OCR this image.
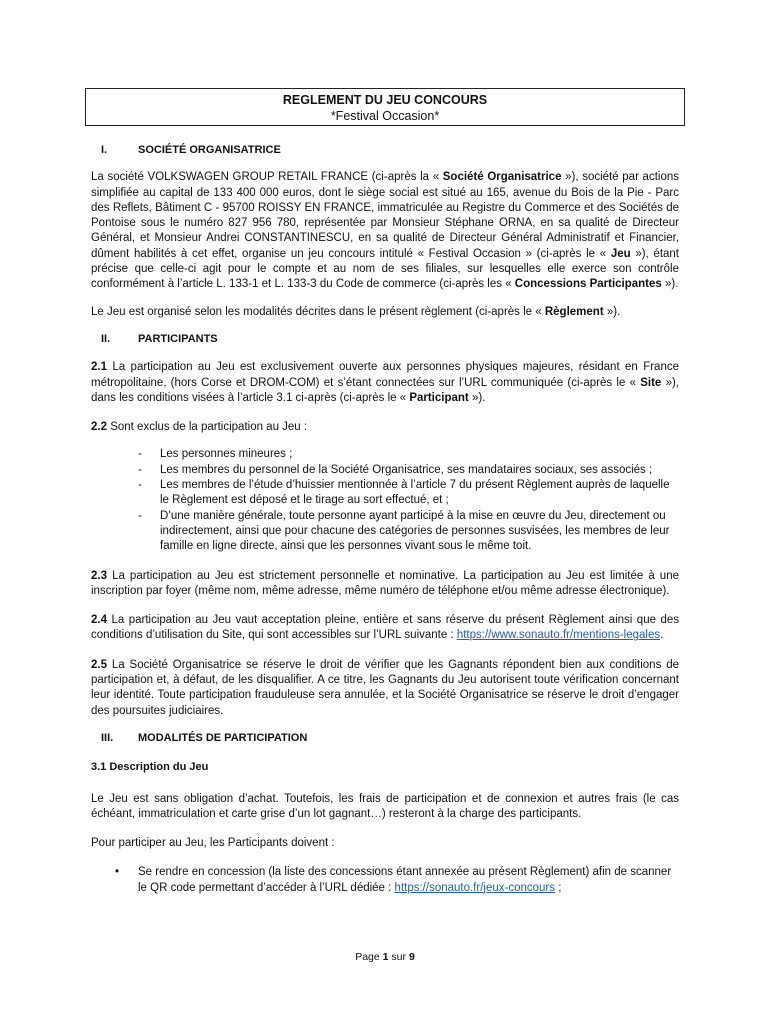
REGLEMENT DU JEU CONCOURS
*Festival Occasion*
I.	SOCIÉTÉ ORGANISATRICE

La société VOLKSWAGEN GROUP RETAIL FRANCE (ci-après la « Société Organisatrice »), société par actions simplifiée au capital de 133 400 000 euros, dont le siège social est situé au 165, avenue du Bois de la Pie - Parc des Reflets, Bâtiment C - 95700 ROISSY EN FRANCE, immatriculée au Registre du Commerce et des Sociétés de Pontoise sous le numéro 827 956 780, représentée par Monsieur Stéphane ORNA, en sa qualité de Directeur Général, et Monsieur Andrei CONSTANTINESCU, en sa qualité de Directeur Général Administratif et Financier, dûment habilités à cet effet, organise un jeu concours intitulé « Festival Occasion » (ci-après le « Jeu »), étant précise que celle-ci agit pour le compte et au nom de ses filiales, sur lesquelles elle exerce son contrôle conformément à l’article L. 133-1 et L. 133-3 du Code de commerce (ci-après les « Concessions Participantes »).

Le Jeu est organisé selon les modalités décrites dans le présent règlement (ci-après le « Règlement »).

II.	PARTICIPANTS

2.1 La participation au Jeu est exclusivement ouverte aux personnes physiques majeures, résidant en France métropolitaine, (hors Corse et DROM-COM) et s’étant connectées sur l’URL communiquée (ci-après le « Site »), dans les conditions visées à l’article 3.1 ci-après (ci-après le « Participant »).

2.2 Sont exclus de la participation au Jeu :

-	Les personnes mineures ;
-	Les membres du personnel de la Société Organisatrice, ses mandataires sociaux, ses associés ;
-	Les membres de l’étude d’huissier mentionnée à l’article 7 du présent Règlement auprès de laquelle le Règlement est déposé et le tirage au sort effectué, et ;
-	D’une manière générale, toute personne ayant participé à la mise en œuvre du Jeu, directement ou indirectement, ainsi que pour chacune des catégories de personnes susvisées, les membres de leur famille en ligne directe, ainsi que les personnes vivant sous le même toit.

2.3 La participation au Jeu est strictement personnelle et nominative. La participation au Jeu est limitée à une inscription par foyer (même nom, même adresse, même numéro de téléphone et/ou même adresse électronique).

2.4 La participation au Jeu vaut acceptation pleine, entière et sans réserve du présent Règlement ainsi que des conditions d’utilisation du Site, qui sont accessibles sur l’URL suivante : https://www.sonauto.fr/mentions-legales.

2.5 La Société Organisatrice se réserve le droit de vérifier que les Gagnants répondent bien aux conditions de participation et, à défaut, de les disqualifier. A ce titre, les Gagnants du Jeu autorisent toute vérification concernant leur identité. Toute participation frauduleuse sera annulée, et la Société Organisatrice se réserve le droit d’engager des poursuites judiciaires.

III.	MODALITÉS DE PARTICIPATION
3.1 Description du Jeu

Le Jeu est sans obligation d’achat. Toutefois, les frais de participation et de connexion et autres frais (le cas échéant, immatriculation et carte grise d’un lot gagnant…) resteront à la charge des participants.

Pour participer au Jeu, les Participants doivent :

•	Se rendre en concession (la liste des concessions étant annexée au présent Règlement) afin de scanner le QR code permettant d’accéder à l’URL dédiée : https://sonauto.fr/jeux-concours ;
Page 1 sur 9
